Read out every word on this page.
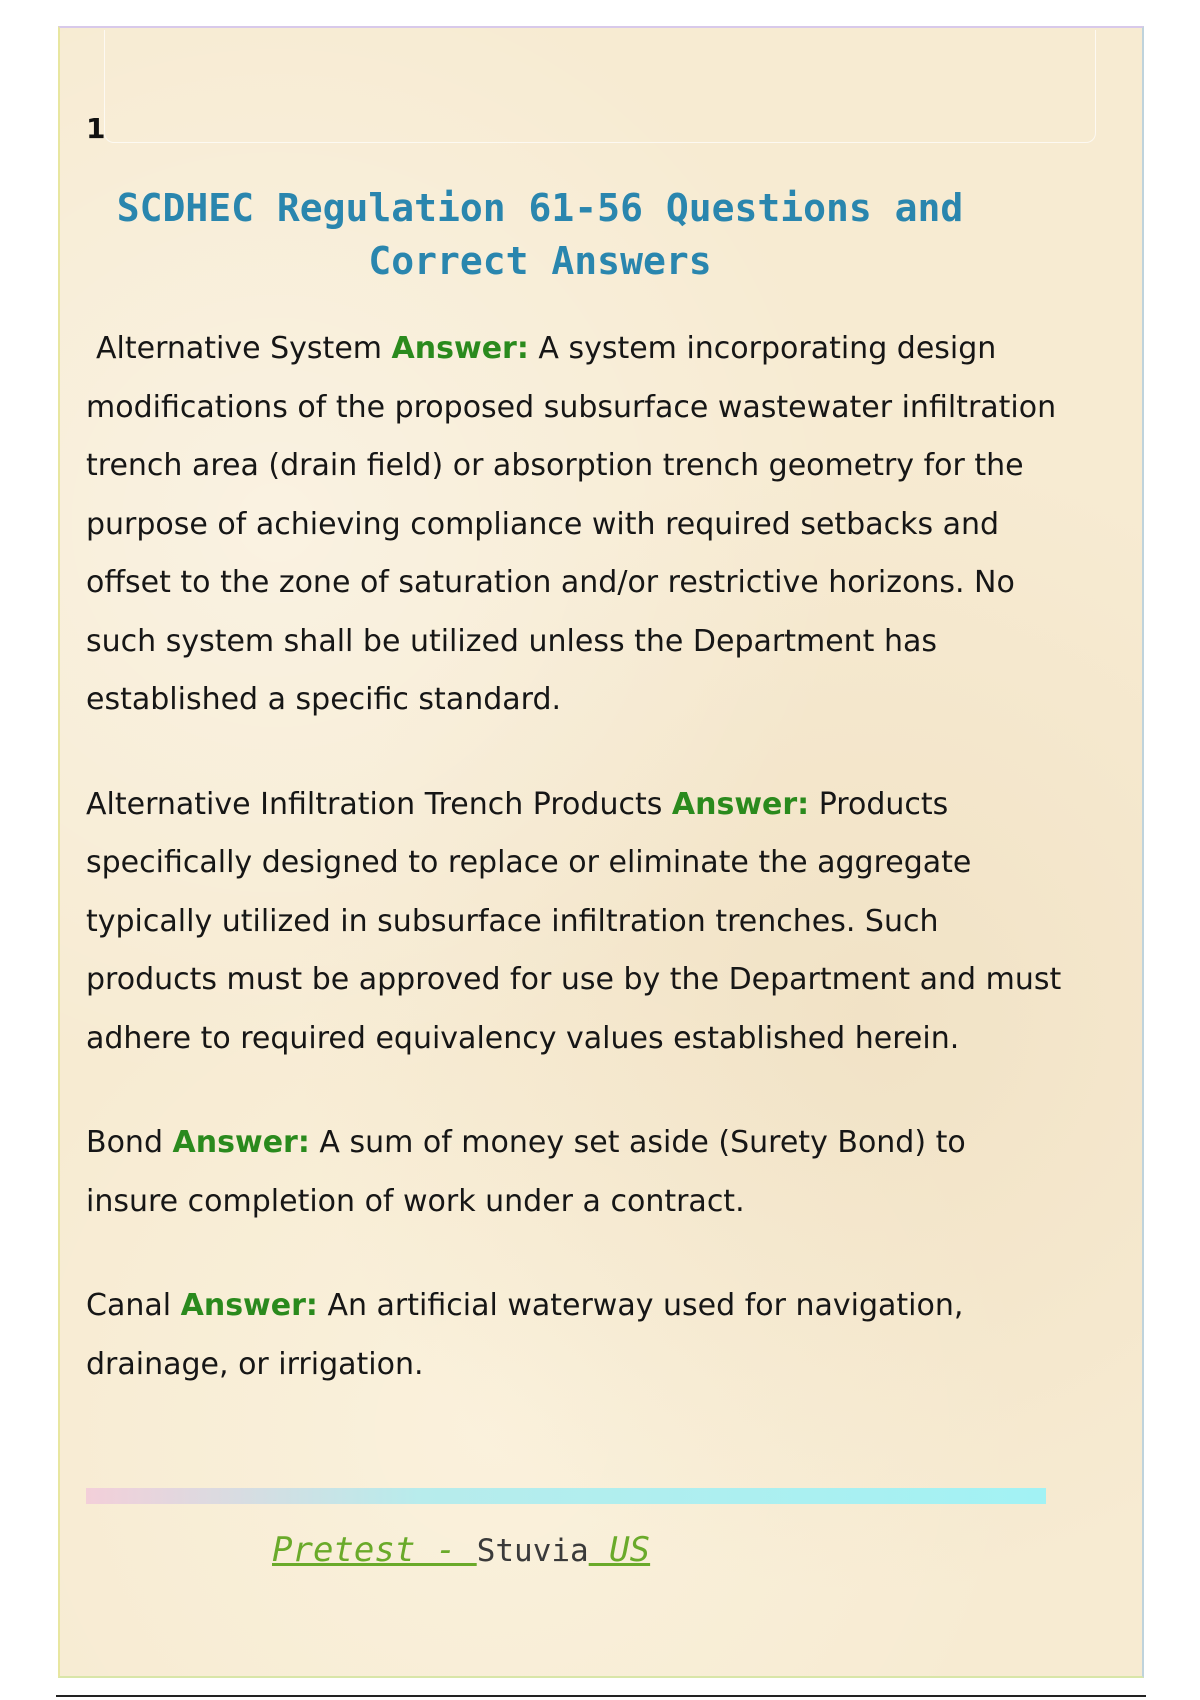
1
SCDHEC Regulation 61-56 Questions and Correct Answers

Alternative System Answer: A system incorporating design modifications of the proposed subsurface wastewater infiltration trench area (drain field) or absorption trench geometry for the purpose of achieving compliance with required setbacks and offset to the zone of saturation and/or restrictive horizons. No such system shall be utilized unless the Department has established a specific standard.

Alternative Infiltration Trench Products Answer: Products specifically designed to replace or eliminate the aggregate typically utilized in subsurface infiltration trenches. Such products must be approved for use by the Department and must adhere to required equivalency values established herein.

Bond Answer: A sum of money set aside (Surety Bond) to insure completion of work under a contract.

Canal Answer: An artificial waterway used for navigation, drainage, or irrigation.

Pretest - Stuvia US
